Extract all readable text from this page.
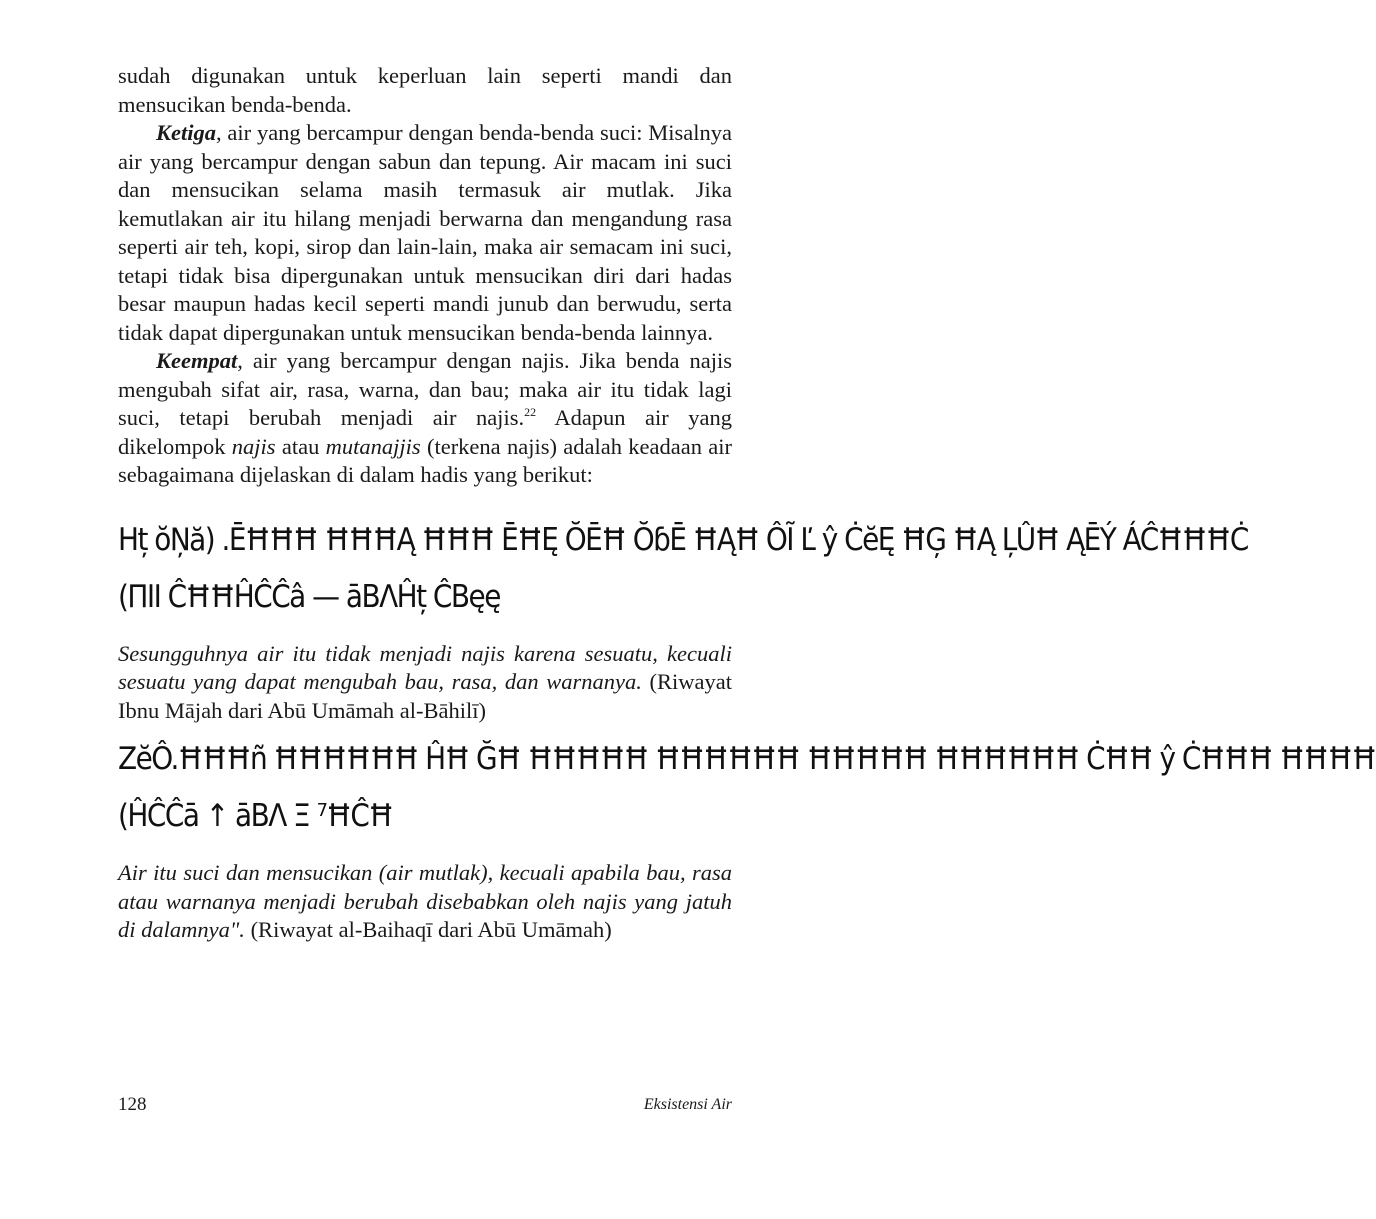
sudah digunakan untuk keperluan lain seperti mandi dan mensucikan benda-benda.

Ketiga, air yang bercampur dengan benda-benda suci: Misalnya air yang bercampur dengan sabun dan tepung. Air macam ini suci dan mensucikan selama masih termasuk air mutlak. Jika kemutlakan air itu hilang menjadi berwarna dan mengandung rasa seperti air teh, kopi, sirop dan lain-lain, maka air semacam ini suci, tetapi tidak bisa dipergunakan untuk mensucikan diri dari hadas besar maupun hadas kecil seperti mandi junub dan berwudu, serta tidak dapat dipergunakan untuk mensucikan benda-benda lainnya.

Keempat, air yang bercampur dengan najis. Jika benda najis mengubah sifat air, rasa, warna, dan bau; maka air itu tidak lagi suci, tetapi berubah menjadi air najis.$^{22}$ Adapun air yang dikelompok najis atau mutanajjis (terkena najis) adalah keadaan air sebagaimana dijelaskan di dalam hadis yang berikut:

Hț ŏŅă) .ĒĦĦĦ ĦĦĦĄ ĦĦĦ ĒĦĘ ŎĒĦ ŎɓĒ ĦĄĦ ÔĨ Ľ ŷ ĊĕĘ ĦĢ ĦĄ ĻÛĦ ĄĒÝ ÁĈĦĦĦĊ
(ΠΙΙ ĈĦĦĤĈĈâ — āBΛĤț ĈBęę

Sesungguhnya air itu tidak menjadi najis karena sesuatu, kecuali sesuatu yang dapat mengubah bau, rasa, dan warnanya. (Riwayat Ibnu Mājah dari Abū Umāmah al-Bāhilī)

ZĕÔ.ĦĦĦñ ĦĦĦĦĦĦ ĤĦ ĞĦ ĦĦĦĦĦ ĦĦĦĦĦĦ ĦĦĦĦĦ ĦĦĦĦĦĦ ĊĦĦ ŷ ĊĦĦĦ ĦĦĦĦ
(ĤĈĈā ↑ āBΛ Ξ ⁷ĦĈĦ

Air itu suci dan mensucikan (air mutlak), kecuali apabila bau, rasa atau warnanya menjadi berubah disebabkan oleh najis yang jatuh di dalamnya". (Riwayat al-Baihaqī dari Abū Umāmah)

128	Eksistensi Air
